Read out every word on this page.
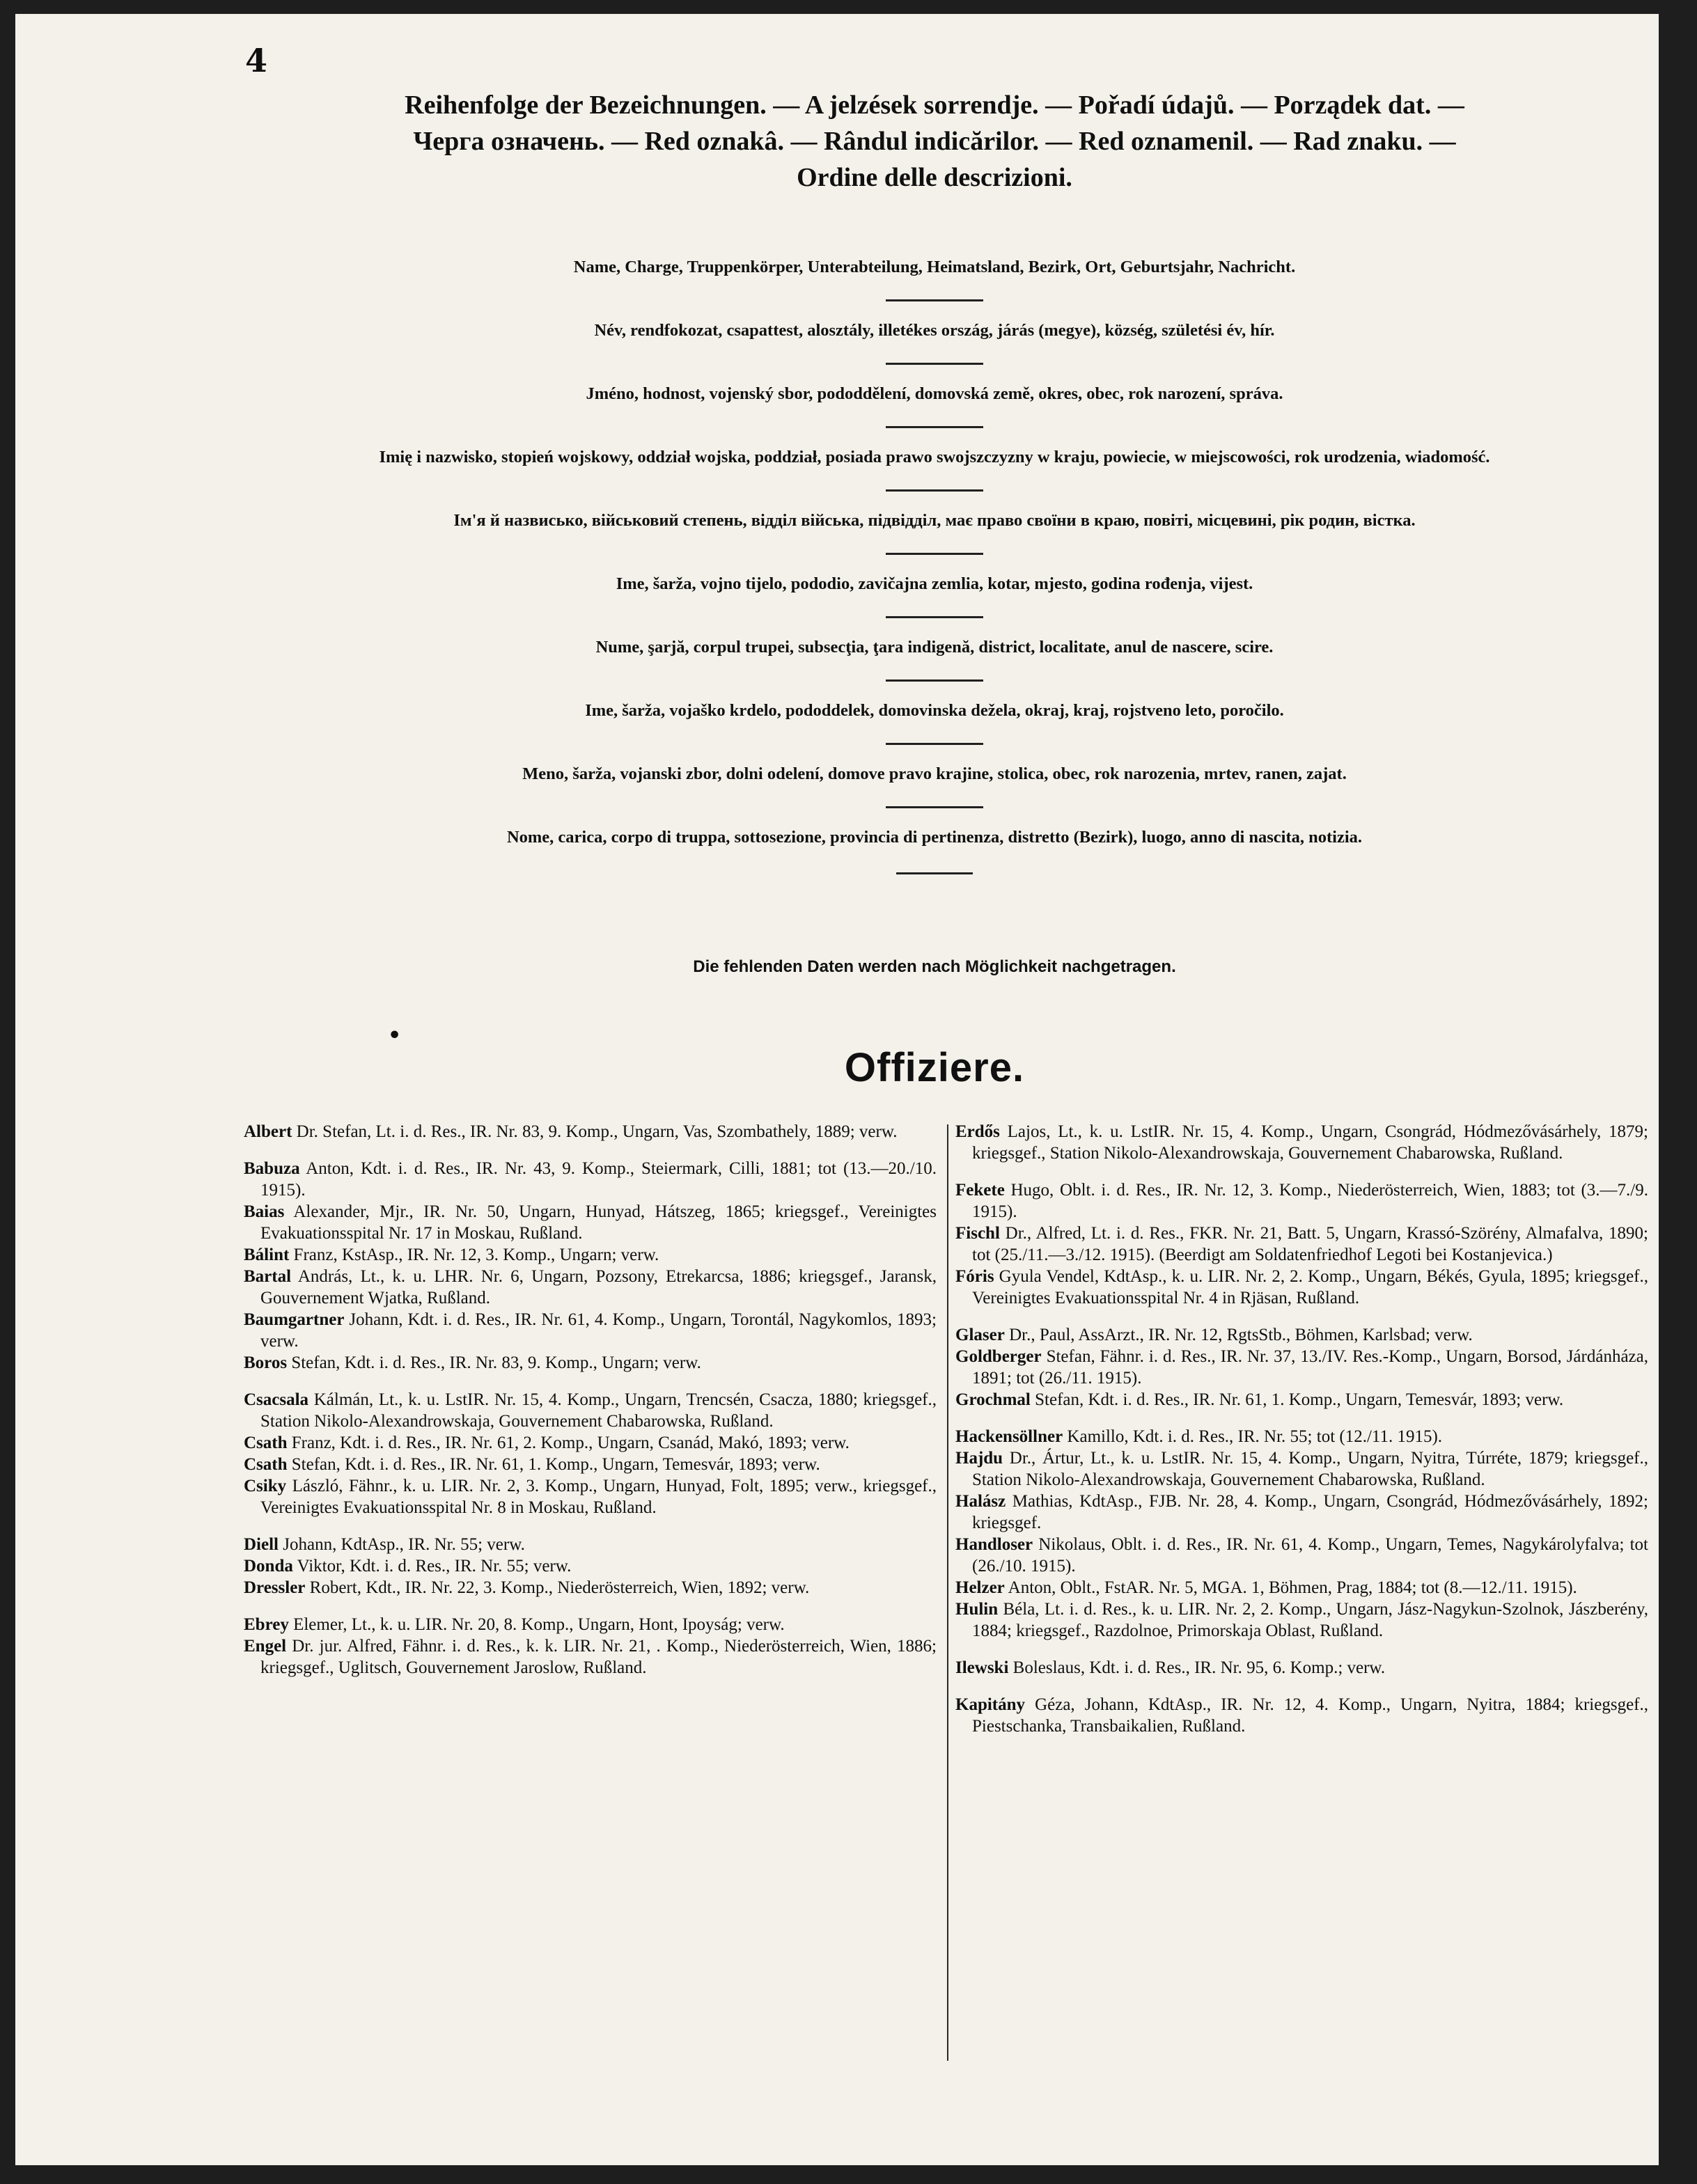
4
Reihenfolge der Bezeichnungen. — A jelzések sorrendje. — Pořadí údajů. — Porządek dat. —
Черга означень. — Red oznakâ. — Rândul indicărilor. — Red oznamenil. — Rad znaku. —
Ordine delle descrizioni.
Name, Charge, Truppenkörper, Unterabteilung, Heimatsland, Bezirk, Ort, Geburtsjahr, Nachricht.
Név, rendfokozat, csapattest, alosztály, illetékes ország, járás (megye), község, születési év, hír.
Jméno, hodnost, vojenský sbor, pododdělení, domovská země, okres, obec, rok narození, správa.
Imię i nazwisko, stopień wojskowy, oddział wojska, poddział, posiada prawo swojszczyzny w kraju, powiecie, w miejscowości, rok urodzenia, wiadomość.
Ім'я й назвисько, військовий степень, відділ війська, підвідділ, має право своїни в краю, повіті, місцевині, рік родин, вістка.
Ime, šarža, vojno tijelo, pododio, zavičajna zemlia, kotar, mjesto, godina rođenja, vijest.
Nume, şarjă, corpul trupei, subsecţia, ţara indigenă, district, localitate, anul de nascere, scire.
Ime, šarža, vojaško krdelo, pododdelek, domovinska dežela, okraj, kraj, rojstveno leto, poročilo.
Meno, šarža, vojanski zbor, dolni odelení, domove pravo krajine, stolica, obec, rok narozenia, mrtev, ranen, zajat.
Nome, carica, corpo di truppa, sottosezione, provincia di pertinenza, distretto (Bezirk), luogo, anno di nascita, notizia.
Die fehlenden Daten werden nach Möglichkeit nachgetragen.
•
Offiziere.

Albert Dr. Stefan, Lt. i. d. Res., IR. Nr. 83, 9. Komp., Ungarn, Vas, Szombathely, 1889; verw.

Babuza Anton, Kdt. i. d. Res., IR. Nr. 43, 9. Komp., Steiermark, Cilli, 1881; tot (13.—20./10. 1915).

Baias Alexander, Mjr., IR. Nr. 50, Ungarn, Hunyad, Hátszeg, 1865; kriegsgef., Vereinigtes Evakuationsspital Nr. 17 in Moskau, Rußland.

Bálint Franz, KstAsp., IR. Nr. 12, 3. Komp., Ungarn; verw.

Bartal András, Lt., k. u. LHR. Nr. 6, Ungarn, Pozsony, Etrekarcsa, 1886; kriegsgef., Jaransk, Gouvernement Wjatka, Rußland.

Baumgartner Johann, Kdt. i. d. Res., IR. Nr. 61, 4. Komp., Ungarn, Torontál, Nagykomlos, 1893; verw.

Boros Stefan, Kdt. i. d. Res., IR. Nr. 83, 9. Komp., Ungarn; verw.

Csacsala Kálmán, Lt., k. u. LstIR. Nr. 15, 4. Komp., Ungarn, Trencsén, Csacza, 1880; kriegsgef., Station Nikolo-Alexandrowskaja, Gouvernement Chabarowska, Rußland.

Csath Franz, Kdt. i. d. Res., IR. Nr. 61, 2. Komp., Ungarn, Csanád, Makó, 1893; verw.

Csath Stefan, Kdt. i. d. Res., IR. Nr. 61, 1. Komp., Ungarn, Temesvár, 1893; verw.

Csiky László, Fähnr., k. u. LIR. Nr. 2, 3. Komp., Ungarn, Hunyad, Folt, 1895; verw., kriegsgef., Vereinigtes Evakuationsspital Nr. 8 in Moskau, Rußland.

Diell Johann, KdtAsp., IR. Nr. 55; verw.

Donda Viktor, Kdt. i. d. Res., IR. Nr. 55; verw.

Dressler Robert, Kdt., IR. Nr. 22, 3. Komp., Niederösterreich, Wien, 1892; verw.

Ebrey Elemer, Lt., k. u. LIR. Nr. 20, 8. Komp., Ungarn, Hont, Ipoyság; verw.

Engel Dr. jur. Alfred, Fähnr. i. d. Res., k. k. LIR. Nr. 21, . Komp., Niederösterreich, Wien, 1886; kriegsgef., Uglitsch, Gouvernement Jaroslow, Rußland.

Erdős Lajos, Lt., k. u. LstIR. Nr. 15, 4. Komp., Ungarn, Csongrád, Hódmezővásárhely, 1879; kriegsgef., Station Nikolo-Alexandrowskaja, Gouvernement Chabarowska, Rußland.

Fekete Hugo, Oblt. i. d. Res., IR. Nr. 12, 3. Komp., Niederösterreich, Wien, 1883; tot (3.—7./9. 1915).

Fischl Dr., Alfred, Lt. i. d. Res., FKR. Nr. 21, Batt. 5, Ungarn, Krassó-Szörény, Almafalva, 1890; tot (25./11.—3./12. 1915). (Beerdigt am Soldatenfriedhof Legoti bei Kostanjevica.)

Fóris Gyula Vendel, KdtAsp., k. u. LIR. Nr. 2, 2. Komp., Ungarn, Békés, Gyula, 1895; kriegsgef., Vereinigtes Evakuationsspital Nr. 4 in Rjäsan, Rußland.

Glaser Dr., Paul, AssArzt., IR. Nr. 12, RgtsStb., Böhmen, Karlsbad; verw.

Goldberger Stefan, Fähnr. i. d. Res., IR. Nr. 37, 13./IV. Res.-Komp., Ungarn, Borsod, Járdánháza, 1891; tot (26./11. 1915).

Grochmal Stefan, Kdt. i. d. Res., IR. Nr. 61, 1. Komp., Ungarn, Temesvár, 1893; verw.

Hackensöllner Kamillo, Kdt. i. d. Res., IR. Nr. 55; tot (12./11. 1915).

Hajdu Dr., Ártur, Lt., k. u. LstIR. Nr. 15, 4. Komp., Ungarn, Nyitra, Túrréte, 1879; kriegsgef., Station Nikolo-Alexandrowskaja, Gouvernement Chabarowska, Rußland.

Halász Mathias, KdtAsp., FJB. Nr. 28, 4. Komp., Ungarn, Csongrád, Hódmezővásárhely, 1892; kriegsgef.

Handloser Nikolaus, Oblt. i. d. Res., IR. Nr. 61, 4. Komp., Ungarn, Temes, Nagykárolyfalva; tot (26./10. 1915).

Helzer Anton, Oblt., FstAR. Nr. 5, MGA. 1, Böhmen, Prag, 1884; tot (8.—12./11. 1915).

Hulin Béla, Lt. i. d. Res., k. u. LIR. Nr. 2, 2. Komp., Ungarn, Jász-Nagykun-Szolnok, Jászberény, 1884; kriegsgef., Razdolnoe, Primorskaja Oblast, Rußland.

Ilewski Boleslaus, Kdt. i. d. Res., IR. Nr. 95, 6. Komp.; verw.

Kapitány Géza, Johann, KdtAsp., IR. Nr. 12, 4. Komp., Ungarn, Nyitra, 1884; kriegsgef., Piestschanka, Transbaikalien, Rußland.
